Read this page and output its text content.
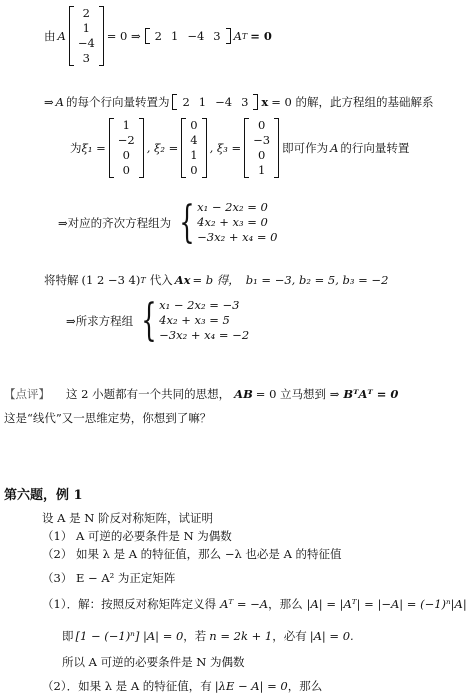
由 A
2
1
−4
3
= 0 ⇒ 2 1 −4 3 A T = 0
⇒ A 的每个行向量转置为 2 1 −4 3 x = 0 的解，此方程组的基础解系
为 ξ₁ =
1
−2
0
0
, ξ₂ =
0
4
1
0
, ξ₃ =
0
−3
0
1
即可作为 A 的行向量转置
⇒对应的齐次方程组为 { x₁ − 2x₂ = 0
4x₂ + x₃ = 0
−3x₂ + x₄ = 0
将特解 (1 2 −3 4) T 代入 Ax = b 得， b₁ = −3, b₂ = 5, b₃ = −2
⇒所求方程组 { x₁ − 2x₂ = −3
4x₂ + x₃ = 5
−3x₂ + x₄ = −2
【点评】 这 2 小题都有一个共同的思想， AB = 0 立马想到 ⇒ BᵀAᵀ = 0
这是“线代”又一思维定势，你想到了嘛？
第六题，例 1
设 A 是 N 阶反对称矩阵，试证明
（1） A 可逆的必要条件是 N 为偶数
（2） 如果 λ 是 A 的特征值，那么 −λ 也必是 A 的特征值
（3） E − A² 为正定矩阵
（1）．解：按照反对称矩阵定义得 Aᵀ = −A ，那么 |A| = |Aᵀ| = |−A| = (−1)ⁿ|A|
即 [1 − (−1)ⁿ] |A| = 0 ，若 n = 2k + 1 ，必有 |A| = 0.
所以 A 可逆的必要条件是 N 为偶数
（2）．如果 λ 是 A 的特征值，有 |λE − A| = 0 ，那么
